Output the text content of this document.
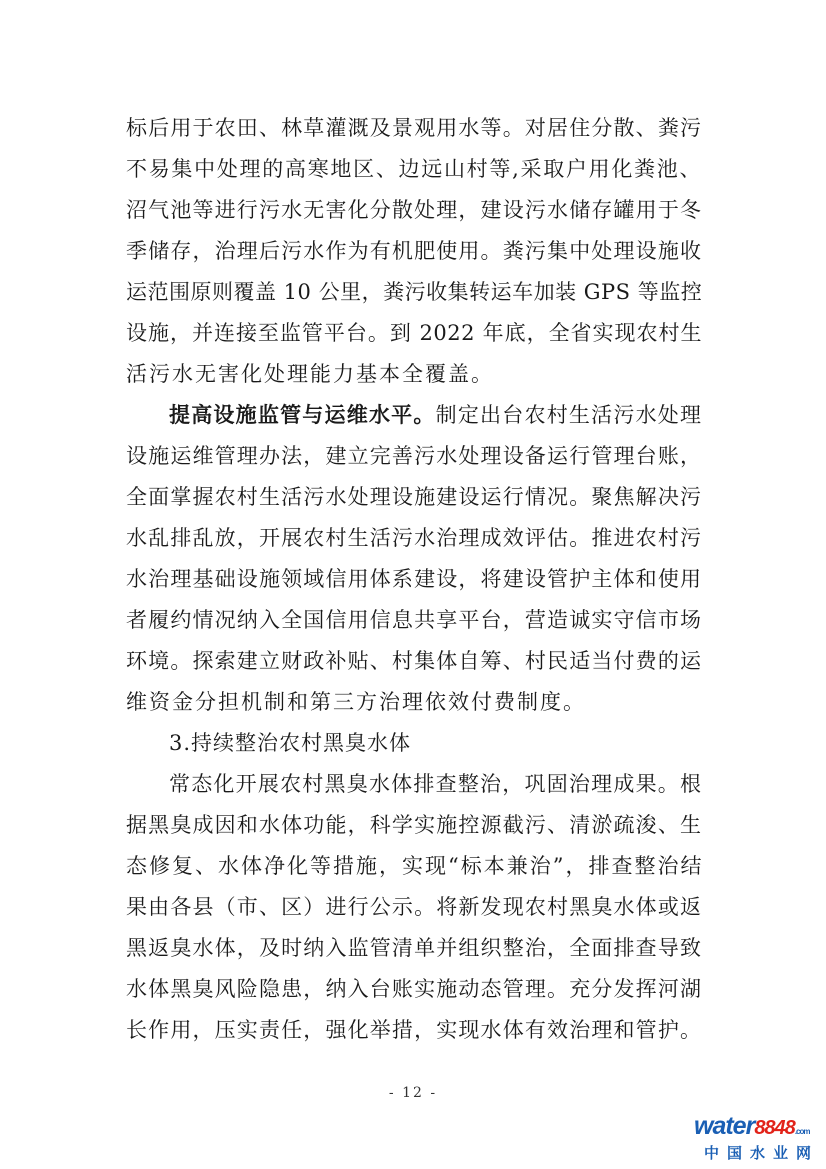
标后用于农田、林草灌溉及景观用水等。对居住分散、粪污
不易集中处理的高寒地区、边远山村等,采取户用化粪池、
沼气池等进行污水无害化分散处理，建设污水储存罐用于冬
季储存，治理后污水作为有机肥使用。粪污集中处理设施收
运范围原则覆盖 10 公里，粪污收集转运车加装 GPS 等监控
设施，并连接至监管平台。到 2022 年底，全省实现农村生
活污水无害化处理能力基本全覆盖。
提高设施监管与运维水平。制定出台农村生活污水处理
设施运维管理办法，建立完善污水处理设备运行管理台账，
全面掌握农村生活污水处理设施建设运行情况。聚焦解决污
水乱排乱放，开展农村生活污水治理成效评估。推进农村污
水治理基础设施领域信用体系建设，将建设管护主体和使用
者履约情况纳入全国信用信息共享平台，营造诚实守信市场
环境。探索建立财政补贴、村集体自筹、村民适当付费的运
维资金分担机制和第三方治理依效付费制度。
3.持续整治农村黑臭水体
常态化开展农村黑臭水体排查整治，巩固治理成果。根
据黑臭成因和水体功能，科学实施控源截污、清淤疏浚、生
态修复、水体净化等措施，实现“标本兼治”，排查整治结
果由各县（市、区）进行公示。将新发现农村黑臭水体或返
黑返臭水体，及时纳入监管清单并组织整治，全面排查导致
水体黑臭风险隐患，纳入台账实施动态管理。充分发挥河湖
长作用，压实责任，强化举措，实现水体有效治理和管护。
- 12 -
water8848.com
中国水业网
